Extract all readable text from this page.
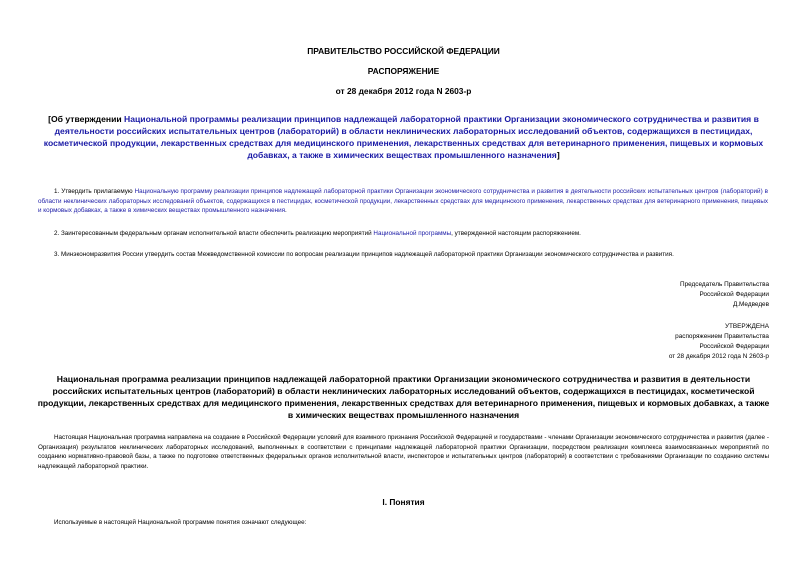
ПРАВИТЕЛЬСТВО РОССИЙСКОЙ ФЕДЕРАЦИИ
РАСПОРЯЖЕНИЕ
от 28 декабря 2012 года N 2603-р
[Об утверждении Национальной программы реализации принципов надлежащей лабораторной практики Организации экономического сотрудничества и развития в деятельности российских испытательных центров (лабораторий) в области неклинических лабораторных исследований объектов, содержащихся в пестицидах, косметической продукции, лекарственных средствах для медицинского применения, лекарственных средствах для ветеринарного применения, пищевых и кормовых добавках, а также в химических веществах промышленного назначения]
1. Утвердить прилагаемую Национальную программу реализации принципов надлежащей лабораторной практики Организации экономического сотрудничества и развития в деятельности российских испытательных центров (лабораторий) в области неклинических лабораторных исследований объектов, содержащихся в пестицидах, косметической продукции, лекарственных средствах для медицинского применения, лекарственных средствах для ветеринарного применения, пищевых и кормовых добавках, а также в химических веществах промышленного назначения.
2. Заинтересованным федеральным органам исполнительной власти обеспечить реализацию мероприятий Национальной программы, утвержденной настоящим распоряжением.
3. Минэкономразвития России утвердить состав Межведомственной комиссии по вопросам реализации принципов надлежащей лабораторной практики Организации экономического сотрудничества и развития.
Председатель Правительства
Российской Федерации
Д.Медведев
УТВЕРЖДЕНА
распоряжением Правительства
Российской Федерации
от 28 декабря 2012 года N 2603-р
Национальная программа реализации принципов надлежащей лабораторной практики Организации экономического сотрудничества и развития в деятельности российских испытательных центров (лабораторий) в области неклинических лабораторных исследований объектов, содержащихся в пестицидах, косметической продукции, лекарственных средствах для медицинского применения, лекарственных средствах для ветеринарного применения, пищевых и кормовых добавках, а также в химических веществах промышленного назначения
Настоящая Национальная программа направлена на создание в Российской Федерации условий для взаимного признания Российской Федерацией и государствами - членами Организации экономического сотрудничества и развития (далее - Организация) результатов неклинических лабораторных исследований, выполненных в соответствии с принципами надлежащей лабораторной практики Организации, посредством реализации комплекса взаимосвязанных мероприятий по созданию нормативно-правовой базы, а также по подготовке ответственных федеральных органов исполнительной власти, инспекторов и испытательных центров (лабораторий) в соответствии с требованиями Организации по созданию системы надлежащей лабораторной практики.
I. Понятия
Используемые в настоящей Национальной программе понятия означают следующее:
